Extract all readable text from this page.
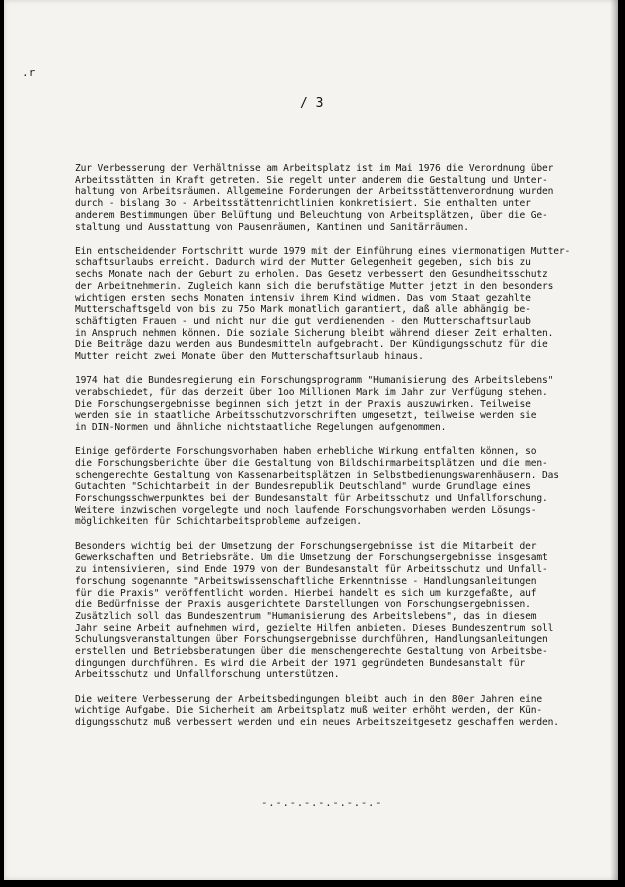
.r
/ 3
Zur Verbesserung der Verhältnisse am Arbeitsplatz ist im Mai 1976 die Verordnung über
Arbeitsstätten in Kraft getreten. Sie regelt unter anderem die Gestaltung und Unter-
haltung von Arbeitsräumen. Allgemeine Forderungen der Arbeitsstättenverordnung wurden
durch - bislang 3o - Arbeitsstättenrichtlinien konkretisiert. Sie enthalten unter
anderem Bestimmungen über Belüftung und Beleuchtung von Arbeitsplätzen, über die Ge-
staltung und Ausstattung von Pausenräumen, Kantinen und Sanitärräumen.
Ein entscheidender Fortschritt wurde 1979 mit der Einführung eines viermonatigen Mutter-
schaftsurlaubs erreicht. Dadurch wird der Mutter Gelegenheit gegeben, sich bis zu
sechs Monate nach der Geburt zu erholen. Das Gesetz verbessert den Gesundheitsschutz
der Arbeitnehmerin. Zugleich kann sich die berufstätige Mutter jetzt in den besonders
wichtigen ersten sechs Monaten intensiv ihrem Kind widmen. Das vom Staat gezahlte
Mutterschaftsgeld von bis zu 75o Mark monatlich garantiert, daß alle abhängig be-
schäftigten Frauen - und nicht nur die gut verdienenden - den Mutterschaftsurlaub
in Anspruch nehmen können. Die soziale Sicherung bleibt während dieser Zeit erhalten.
Die Beiträge dazu werden aus Bundesmitteln aufgebracht. Der Kündigungsschutz für die
Mutter reicht zwei Monate über den Mutterschaftsurlaub hinaus.
1974 hat die Bundesregierung ein Forschungsprogramm "Humanisierung des Arbeitslebens"
verabschiedet, für das derzeit über 1oo Millionen Mark im Jahr zur Verfügung stehen.
Die Forschungsergebnisse beginnen sich jetzt in der Praxis auszuwirken. Teilweise
werden sie in staatliche Arbeitsschutzvorschriften umgesetzt, teilweise werden sie
in DIN-Normen und ähnliche nichtstaatliche Regelungen aufgenommen.
Einige geförderte Forschungsvorhaben haben erhebliche Wirkung entfalten können, so
die Forschungsberichte über die Gestaltung von Bildschirmarbeitsplätzen und die men-
schengerechte Gestaltung von Kassenarbeitsplätzen in Selbstbedienungswarenhäusern. Das
Gutachten "Schichtarbeit in der Bundesrepublik Deutschland" wurde Grundlage eines
Forschungsschwerpunktes bei der Bundesanstalt für Arbeitsschutz und Unfallforschung.
Weitere inzwischen vorgelegte und noch laufende Forschungsvorhaben werden Lösungs-
möglichkeiten für Schichtarbeitsprobleme aufzeigen.
Besonders wichtig bei der Umsetzung der Forschungsergebnisse ist die Mitarbeit der
Gewerkschaften und Betriebsräte. Um die Umsetzung der Forschungsergebnisse insgesamt
zu intensivieren, sind Ende 1979 von der Bundesanstalt für Arbeitsschutz und Unfall-
forschung sogenannte "Arbeitswissenschaftliche Erkenntnisse - Handlungsanleitungen
für die Praxis" veröffentlicht worden. Hierbei handelt es sich um kurzgefaßte, auf
die Bedürfnisse der Praxis ausgerichtete Darstellungen von Forschungsergebnissen.
Zusätzlich soll das Bundeszentrum "Humanisierung des Arbeitslebens", das in diesem
Jahr seine Arbeit aufnehmen wird, gezielte Hilfen anbieten. Dieses Bundeszentrum soll
Schulungsveranstaltungen über Forschungsergebnisse durchführen, Handlungsanleitungen
erstellen und Betriebsberatungen über die menschengerechte Gestaltung von Arbeitsbe-
dingungen durchführen. Es wird die Arbeit der 1971 gegründeten Bundesanstalt für
Arbeitsschutz und Unfallforschung unterstützen.
Die weitere Verbesserung der Arbeitsbedingungen bleibt auch in den 80er Jahren eine
wichtige Aufgabe. Die Sicherheit am Arbeitsplatz muß weiter erhöht werden, der Kün-
digungsschutz muß verbessert werden und ein neues Arbeitszeitgesetz geschaffen werden.
-.-.-.-.-.-.-.-.-
